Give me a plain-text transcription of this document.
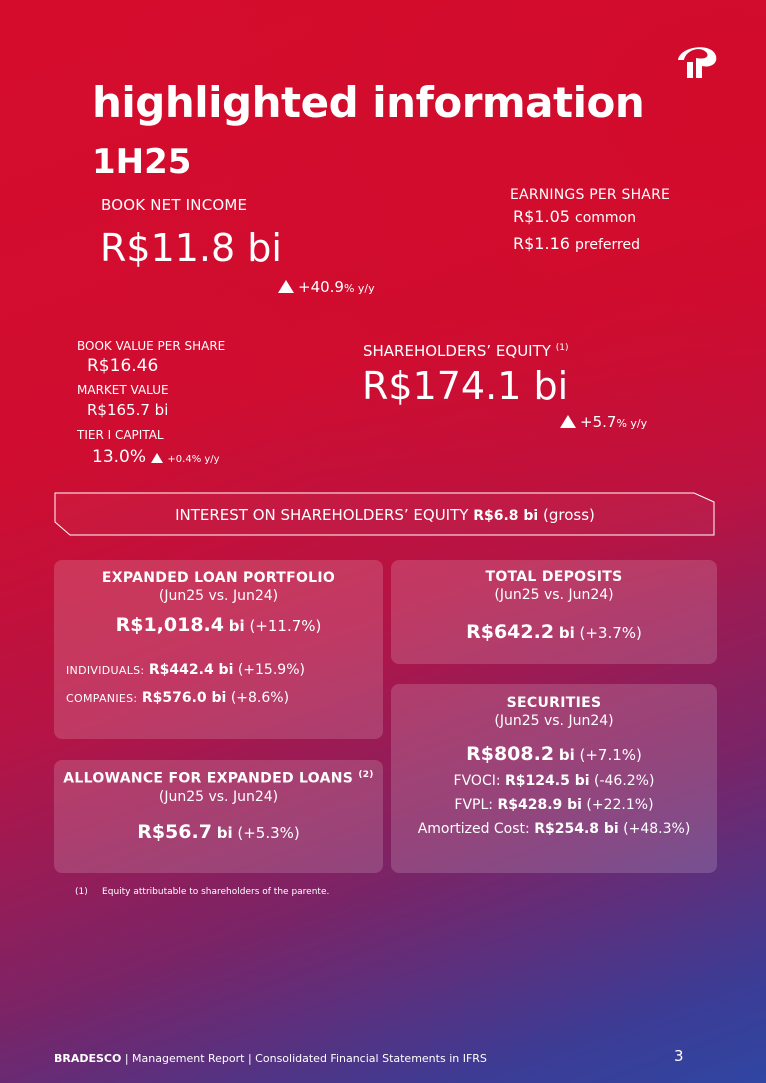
highlighted information
1H25
BOOK NET INCOME
R$11.8 bi
+40.9% y/y
EARNINGS PER SHARE
R$1.05 common
R$1.16 preferred
BOOK VALUE PER SHARE
R$16.46
MARKET VALUE
R$165.7 bi
TIER I CAPITAL
13.0% +0.4% y/y
SHAREHOLDERS’ EQUITY $^{(1)}$
R$174.1 bi
+5.7% y/y
INTEREST ON SHAREHOLDERS’ EQUITY R$6.8 bi (gross)
EXPANDED LOAN PORTFOLIO
(Jun25 vs. Jun24)
R$1,018.4 bi (+11.7%)
INDIVIDUALS: R$442.4 bi (+15.9%)
COMPANIES: R$576.0 bi (+8.6%)
TOTAL DEPOSITS
(Jun25 vs. Jun24)
R$642.2 bi (+3.7%)
SECURITIES
(Jun25 vs. Jun24)
R$808.2 bi (+7.1%)
FVOCI: R$124.5 bi (-46.2%)
FVPL: R$428.9 bi (+22.1%)
Amortized Cost: R$254.8 bi (+48.3%)
ALLOWANCE FOR EXPANDED LOANS $^{(2)}$
(Jun25 vs. Jun24)
R$56.7 bi (+5.3%)
(1)     Equity attributable to shareholders of the parente.
BRADESCO | Management Report | Consolidated Financial Statements in IFRS	3
